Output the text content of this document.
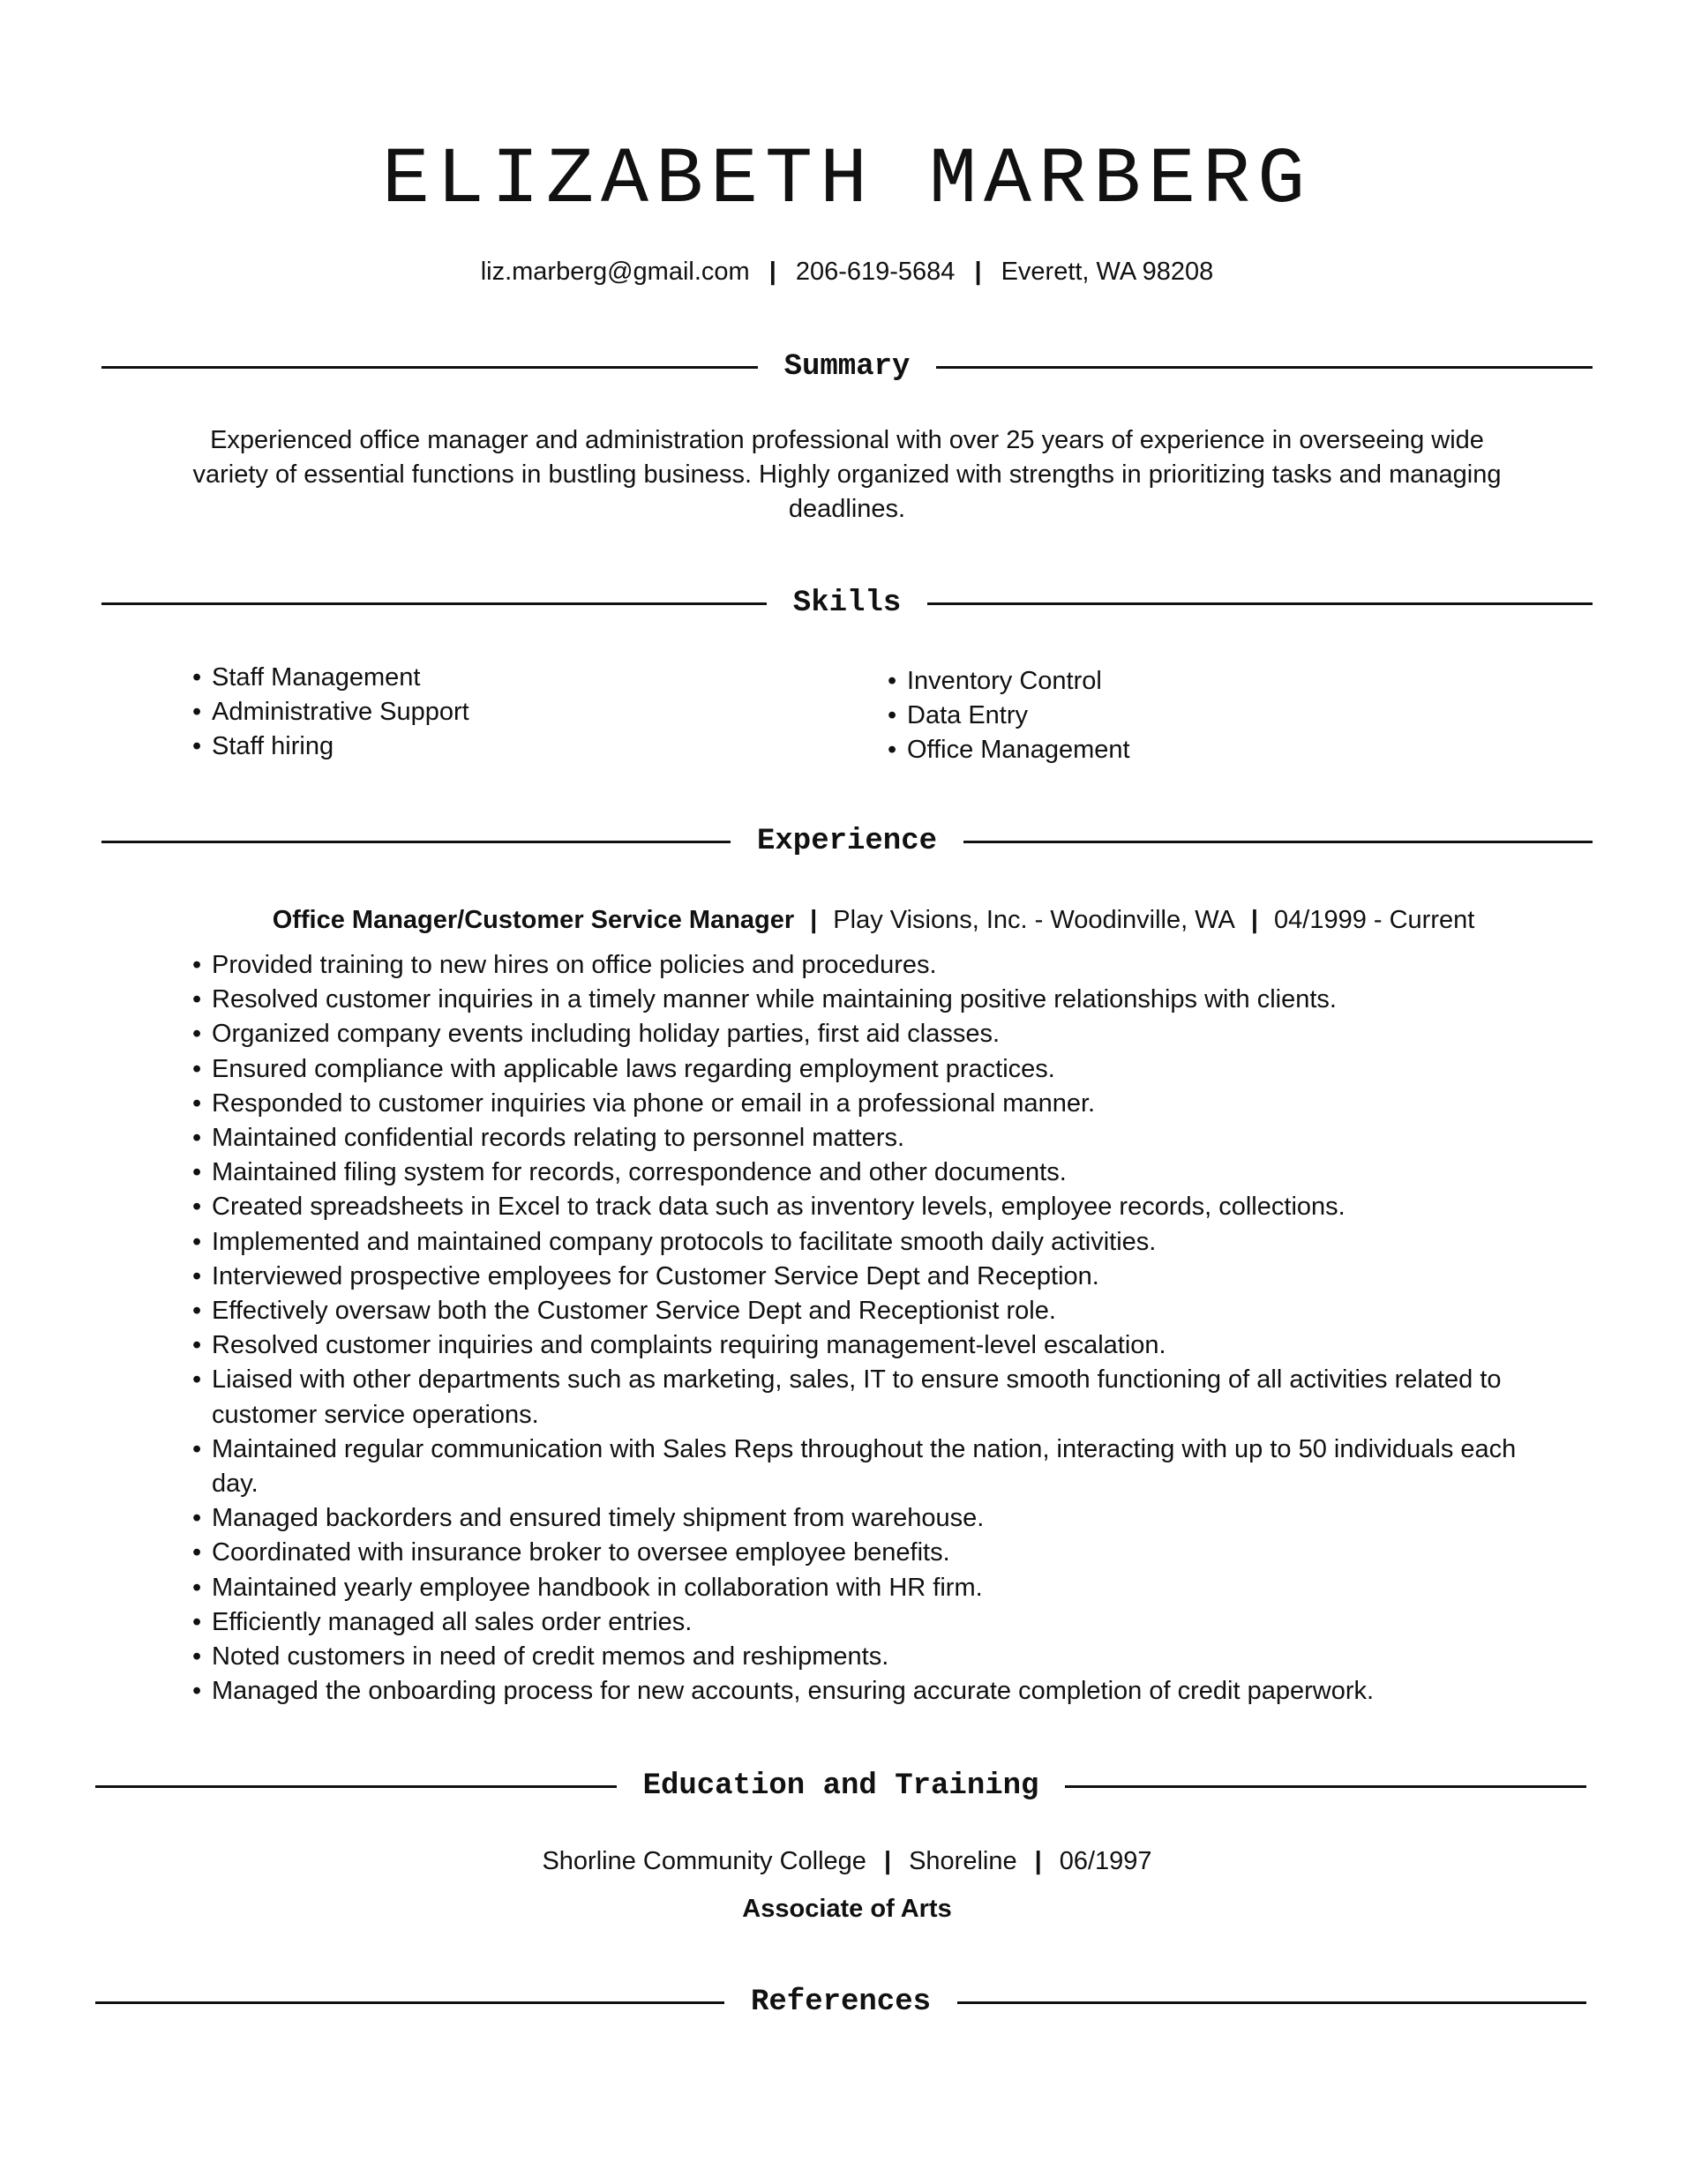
ELIZABETH MARBERG
liz.marberg@gmail.com | 206-619-5684 | Everett, WA 98208
Summary

Experienced office manager and administration professional with over 25 years of experience in overseeing wide variety of essential functions in bustling business. Highly organized with strengths in prioritizing tasks and managing deadlines.

Skills
• Staff Management
• Administrative Support
• Staff hiring
• Inventory Control
• Data Entry
• Office Management
Experience
Office Manager/Customer Service Manager | Play Visions, Inc. - Woodinville, WA | 04/1999 - Current
• Provided training to new hires on office policies and procedures.
• Resolved customer inquiries in a timely manner while maintaining positive relationships with clients.
• Organized company events including holiday parties, first aid classes.
• Ensured compliance with applicable laws regarding employment practices.
• Responded to customer inquiries via phone or email in a professional manner.
• Maintained confidential records relating to personnel matters.
• Maintained filing system for records, correspondence and other documents.
• Created spreadsheets in Excel to track data such as inventory levels, employee records, collections.
• Implemented and maintained company protocols to facilitate smooth daily activities.
• Interviewed prospective employees for Customer Service Dept and Reception.
• Effectively oversaw both the Customer Service Dept and Receptionist role.
• Resolved customer inquiries and complaints requiring management-level escalation.
• Liaised with other departments such as marketing, sales, IT to ensure smooth functioning of all activities related to customer service operations.
• Maintained regular communication with Sales Reps throughout the nation, interacting with up to 50 individuals each day.
• Managed backorders and ensured timely shipment from warehouse.
• Coordinated with insurance broker to oversee employee benefits.
• Maintained yearly employee handbook in collaboration with HR firm.
• Efficiently managed all sales order entries.
• Noted customers in need of credit memos and reshipments.
• Managed the onboarding process for new accounts, ensuring accurate completion of credit paperwork.
Education and Training
Shorline Community College | Shoreline | 06/1997
Associate of Arts
References
